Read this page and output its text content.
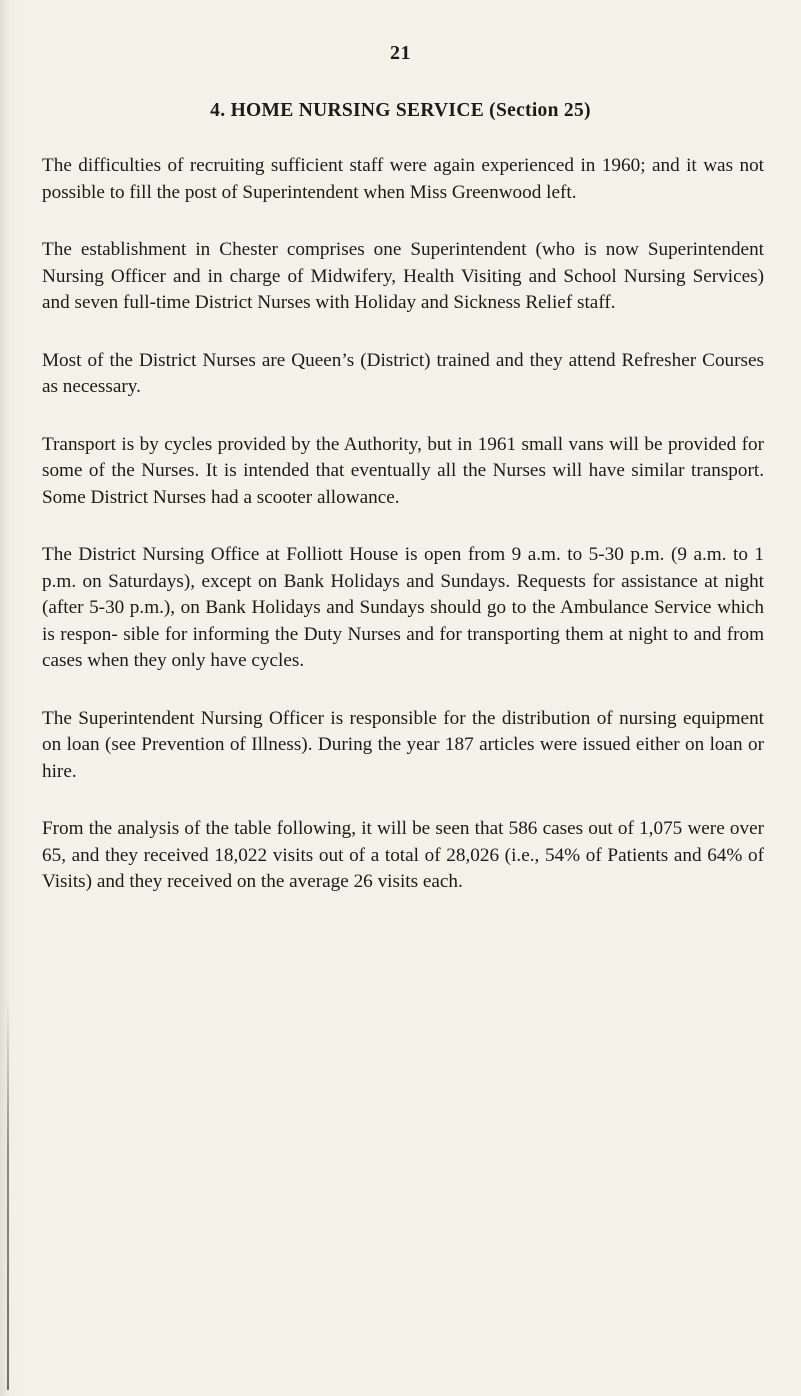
21
4. HOME NURSING SERVICE (Section 25)

The difficulties of recruiting sufficient staff were again experienced in 1960; and it was not possible to fill the post of Superintendent when Miss Greenwood left.

The establishment in Chester comprises one Superintendent (who is now Superintendent Nursing Officer and in charge of Midwifery, Health Visiting and School Nursing Services) and seven full-time District Nurses with Holiday and Sickness Relief staff.

Most of the District Nurses are Queen’s (District) trained and they attend Refresher Courses as necessary.

Transport is by cycles provided by the Authority, but in 1961 small vans will be provided for some of the Nurses. It is intended that eventually all the Nurses will have similar transport. Some District Nurses had a scooter allowance.

The District Nursing Office at Folliott House is open from 9 a.m. to 5-30 p.m. (9 a.m. to 1 p.m. on Saturdays), except on Bank Holidays and Sundays. Requests for assistance at night (after 5-30 p.m.), on Bank Holidays and Sundays should go to the Ambulance Service which is respon- sible for informing the Duty Nurses and for transporting them at night to and from cases when they only have cycles.

The Superintendent Nursing Officer is responsible for the distribution of nursing equipment on loan (see Prevention of Illness). During the year 187 articles were issued either on loan or hire.

From the analysis of the table following, it will be seen that 586 cases out of 1,075 were over 65, and they received 18,022 visits out of a total of 28,026 (i.e., 54% of Patients and 64% of Visits) and they received on the average 26 visits each.
